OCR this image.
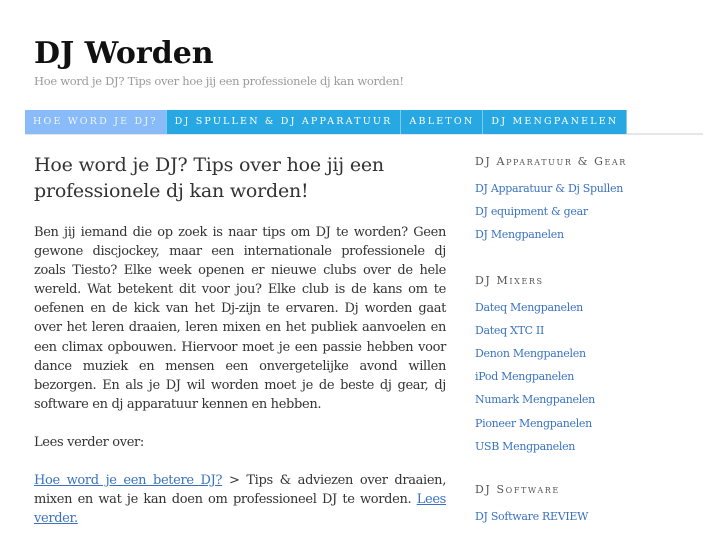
DJ Worden
Hoe word je DJ? Tips over hoe jij een professionele dj kan worden!
HOE WORD JE DJ?	DJ SPULLEN & DJ APPARATUUR	ABLETON	DJ MENGPANELEN
Hoe word je DJ? Tips over hoe jij een professionele dj kan worden!

Ben jij iemand die op zoek is naar tips om DJ te worden? Geen gewone discjockey, maar een internationale professionele dj zoals Tiesto? Elke week openen er nieuwe clubs over de hele wereld. Wat betekent dit voor jou? Elke club is de kans om te oefenen en de kick van het Dj-zijn te ervaren. Dj worden gaat over het leren draaien, leren mixen en het publiek aanvoelen en een climax opbouwen. Hiervoor moet je een passie hebben voor dance muziek en mensen een onvergetelijke avond willen bezorgen. En als je DJ wil worden moet je de beste dj gear, dj software en dj apparatuur kennen en hebben.

Lees verder over:

Hoe word je een betere DJ? > Tips & adviezen over draaien, mixen en wat je kan doen om professioneel DJ te worden. Lees verder.

DJ Apparatuur & Gear
DJ Apparatuur & Dj Spullen
DJ equipment & gear
DJ Mengpanelen
DJ Mixers
Dateq Mengpanelen
Dateq XTC II
Denon Mengpanelen
iPod Mengpanelen
Numark Mengpanelen
Pioneer Mengpanelen
USB Mengpanelen
DJ Software
DJ Software REVIEW
